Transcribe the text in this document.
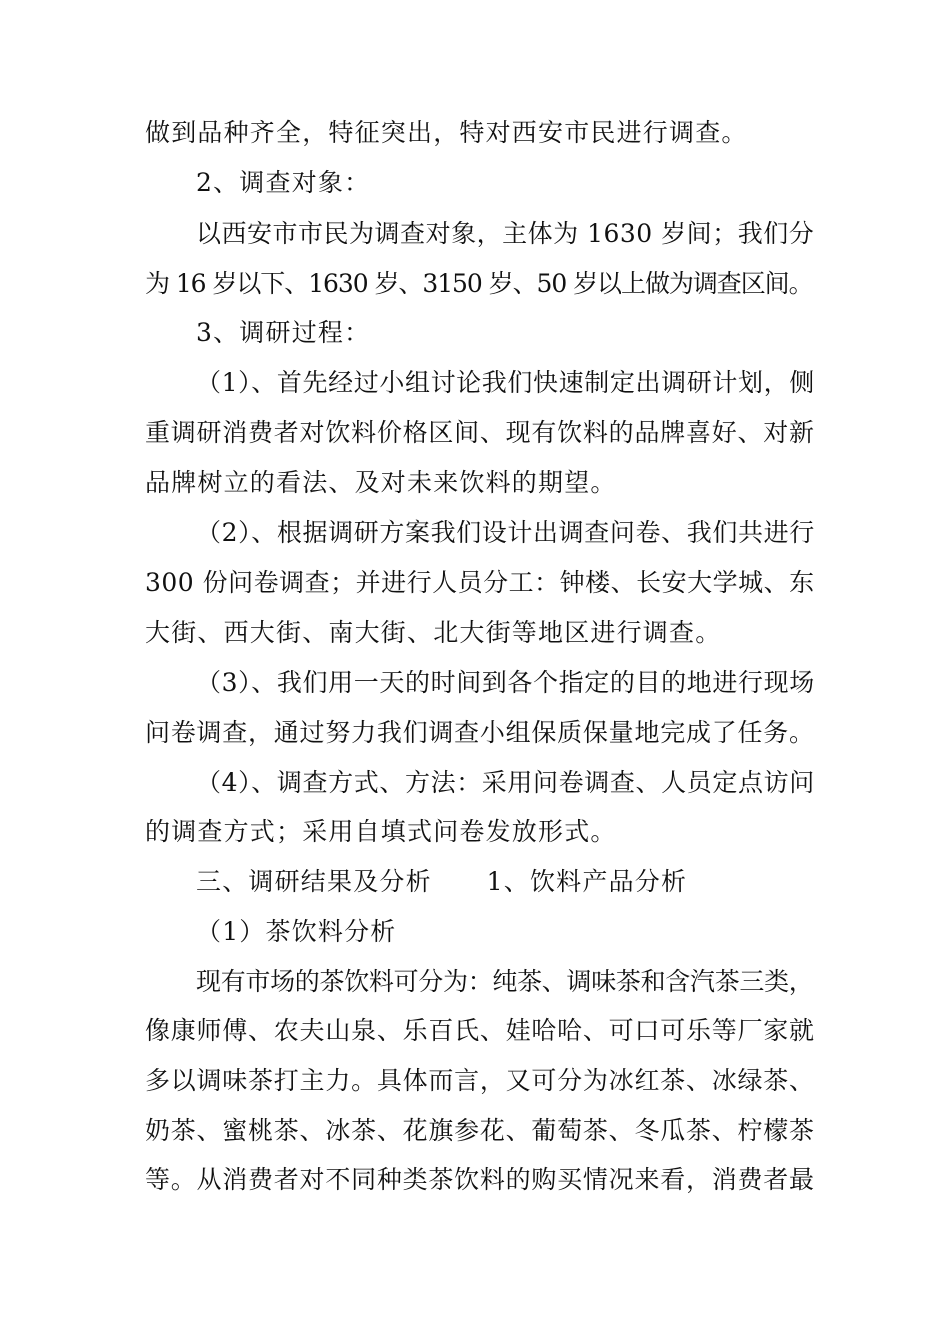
做到品种齐全，特征突出，特对西安市民进行调查。
2、调查对象：
以西安市市民为调查对象，主体为 1630 岁间；我们分
为 16 岁以下、1630 岁、3150 岁、50 岁以上做为调查区间。
3、调研过程：
（1）、首先经过小组讨论我们快速制定出调研计划，侧
重调研消费者对饮料价格区间、现有饮料的品牌喜好、对新
品牌树立的看法、及对未来饮料的期望。
（2）、根据调研方案我们设计出调查问卷、我们共进行
300 份问卷调查；并进行人员分工：钟楼、长安大学城、东
大街、西大街、南大街、北大街等地区进行调查。
（3）、我们用一天的时间到各个指定的目的地进行现场
问卷调查，通过努力我们调查小组保质保量地完成了任务。
（4）、调查方式、方法：采用问卷调查、人员定点访问
的调查方式；采用自填式问卷发放形式。
三、调研结果及分析      1、饮料产品分析
（1）茶饮料分析
现有市场的茶饮料可分为：纯茶、调味茶和含汽茶三类，
像康师傅、农夫山泉、乐百氏、娃哈哈、可口可乐等厂家就
多以调味茶打主力。具体而言，又可分为冰红茶、冰绿茶、
奶茶、蜜桃茶、冰茶、花旗参花、葡萄茶、冬瓜茶、柠檬茶
等。从消费者对不同种类茶饮料的购买情况来看，消费者最
